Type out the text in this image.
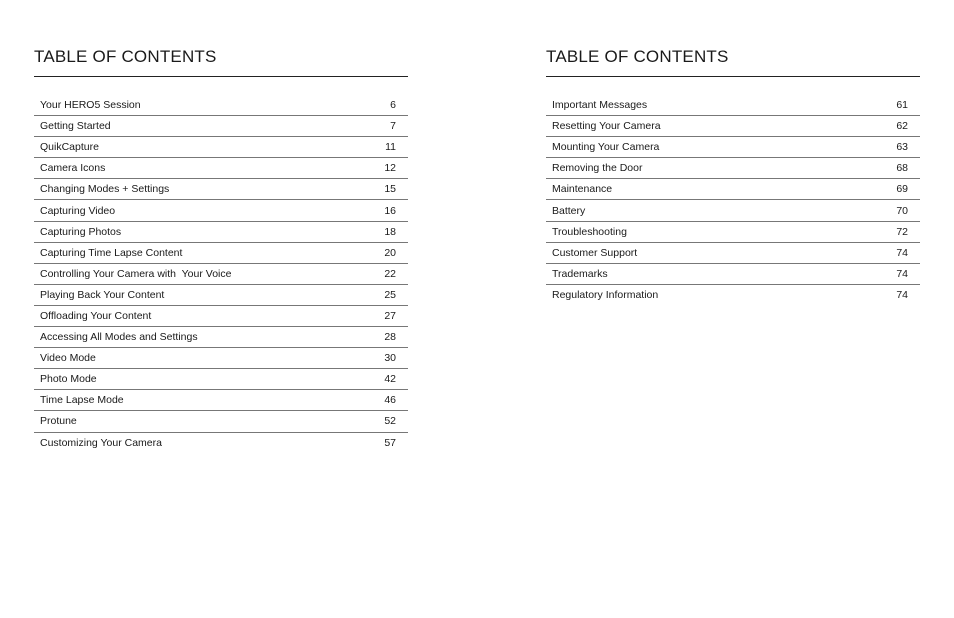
TABLE OF CONTENTS
Your HERO5 Session	6
Getting Started	7
QuikCapture	11
Camera Icons	12
Changing Modes + Settings	15
Capturing Video	16
Capturing Photos	18
Capturing Time Lapse Content	20
Controlling Your Camera with  Your Voice	22
Playing Back Your Content	25
Offloading Your Content	27
Accessing All Modes and Settings	28
Video Mode	30
Photo Mode	42
Time Lapse Mode	46
Protune	52
Customizing Your Camera	57
TABLE OF CONTENTS
Important Messages	61
Resetting Your Camera	62
Mounting Your Camera	63
Removing the Door	68
Maintenance	69
Battery	70
Troubleshooting	72
Customer Support	74
Trademarks	74
Regulatory Information	74
